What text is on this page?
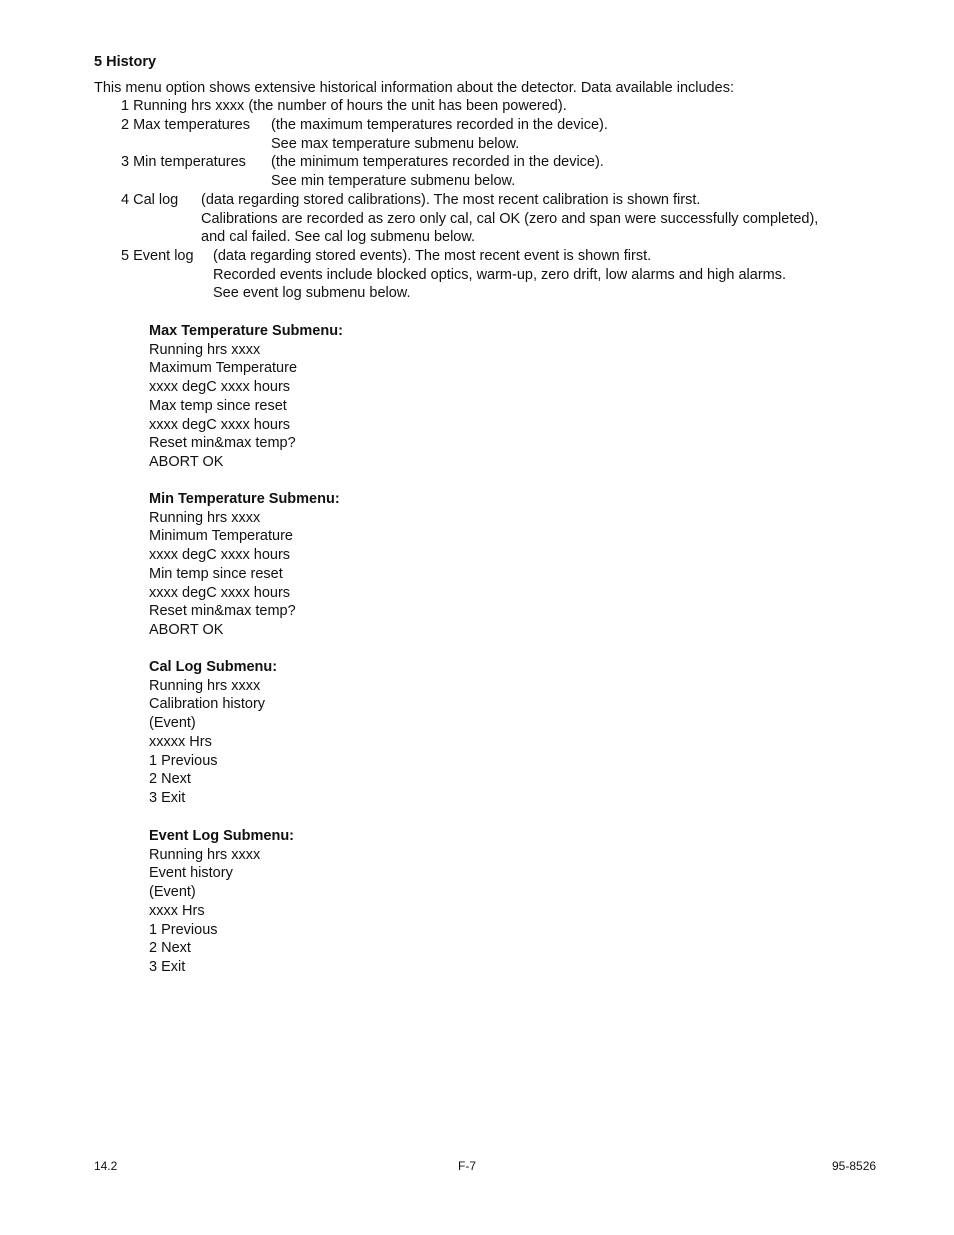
5 History
This menu option shows extensive historical information about the detector. Data available includes:
1 Running hrs xxxx (the number of hours the unit has been powered).
2 Max temperatures (the maximum temperatures recorded in the device).
See max temperature submenu below.
3 Min temperatures (the minimum temperatures recorded in the device).
See min temperature submenu below.
4 Cal log (data regarding stored calibrations). The most recent calibration is shown first.
Calibrations are recorded as zero only cal, cal OK (zero and span were successfully completed),
and cal failed. See cal log submenu below.
5 Event log (data regarding stored events). The most recent event is shown first.
Recorded events include blocked optics, warm-up, zero drift, low alarms and high alarms.
See event log submenu below.
Max Temperature Submenu:
Running hrs xxxx
Maximum Temperature
xxxx degC xxxx hours
Max temp since reset
xxxx degC xxxx hours
Reset min&max temp?
ABORT OK
Min Temperature Submenu:
Running hrs xxxx
Minimum Temperature
xxxx degC xxxx hours
Min temp since reset
xxxx degC xxxx hours
Reset min&max temp?
ABORT OK
Cal Log Submenu:
Running hrs xxxx
Calibration history
(Event)
xxxxx Hrs
1 Previous
2 Next
3 Exit
Event Log Submenu:
Running hrs xxxx
Event history
(Event)
xxxx Hrs
1 Previous
2 Next
3 Exit
14.2	F-7	95-8526
